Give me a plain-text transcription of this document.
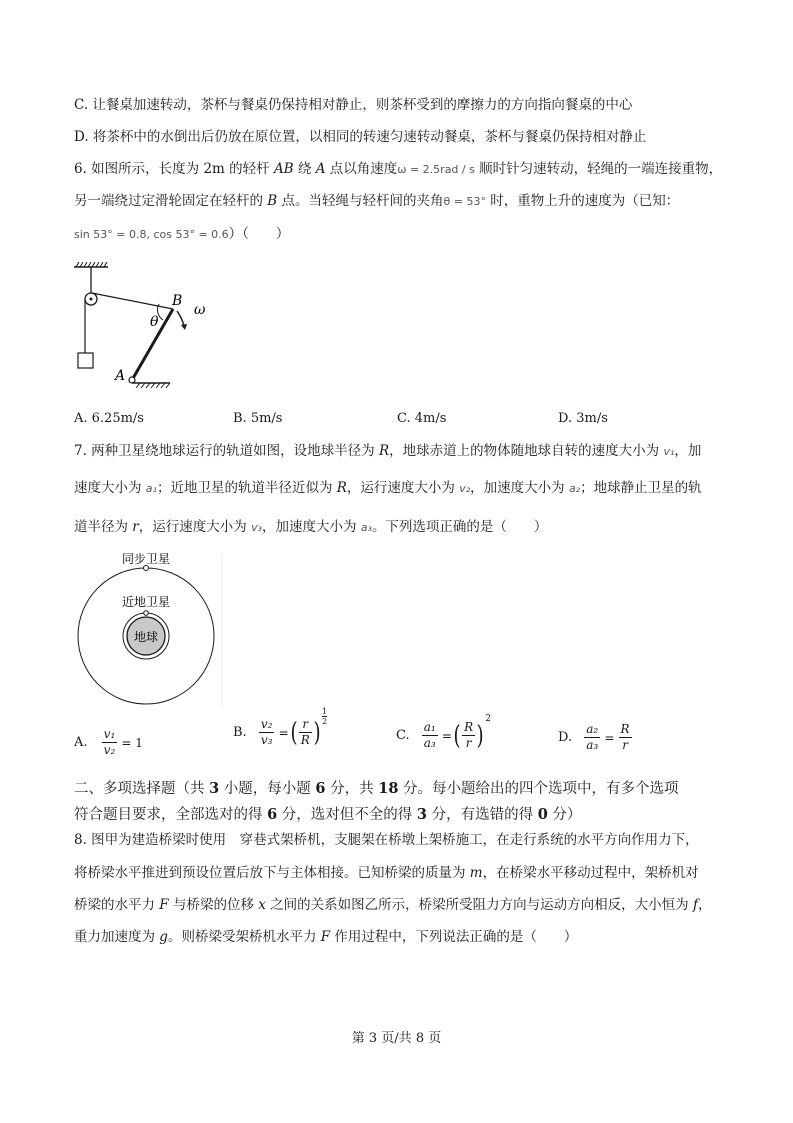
C. 让餐桌加速转动，茶杯与餐桌仍保持相对静止，则茶杯受到的摩擦力的方向指向餐桌的中心
D. 将茶杯中的水倒出后仍放在原位置，以相同的转速匀速转动餐桌，茶杯与餐桌仍保持相对静止
6. 如图所示，长度为 2m 的轻杆 AB 绕 A 点以角速度ω = 2.5rad / s 顺时针匀速转动，轻绳的一端连接重物，
另一端绕过定滑轮固定在轻杆的 B 点。当轻绳与轻杆间的夹角θ = 53° 时，重物上升的速度为（已知：
sin 53° = 0.8, cos 53° = 0.6）（　　）
B
ω
θ
A
A. 6.25m/s	B. 5m/s	C. 4m/s	D. 3m/s
7. 两种卫星绕地球运行的轨道如图，设地球半径为 R，地球赤道上的物体随地球自转的速度大小为 v₁，加
速度大小为 a₁；近地卫星的轨道半径近似为 R，运行速度大小为 v₂，加速度大小为 a₂；地球静止卫星的轨
道半径为 r，运行速度大小为 v₃，加速度大小为 a₃。下列选项正确的是（　　）
同步卫星
近地卫星
地球
A. $\frac{\text{v₁}}{\text{v₂}} = 1$
B. $\frac{\text{v₂}}{\text{v₃}}$ =( $\frac{r}{R}$ )
$\frac{1}{2}$
C. $\frac{\text{a₁}}{\text{a₃}}$ =( $\frac{R}{r} )^2$
D. $\frac{\text{a₂}}{\text{a₃}} = \frac{R}{r}$
二、多项选择题（共 3 小题，每小题 6 分，共 18 分。每小题给出的四个选项中，有多个选项
符合题目要求，全部选对的得 6 分，选对但不全的得 3 分，有选错的得 0 分）
8. 图甲为建造桥梁时使用　穿巷式架桥机，支腿架在桥墩上架桥施工，在走行系统的水平方向作用力下，
将桥梁水平推进到预设位置后放下与主体相接。已知桥梁的质量为 m，在桥梁水平移动过程中，架桥机对
桥梁的水平力 F 与桥梁的位移 x 之间的关系如图乙所示，桥梁所受阻力方向与运动方向相反，大小恒为 f，
重力加速度为 g。则桥梁受架桥机水平力 F 作用过程中，下列说法正确的是（　　）
第 3 页/共 8 页
